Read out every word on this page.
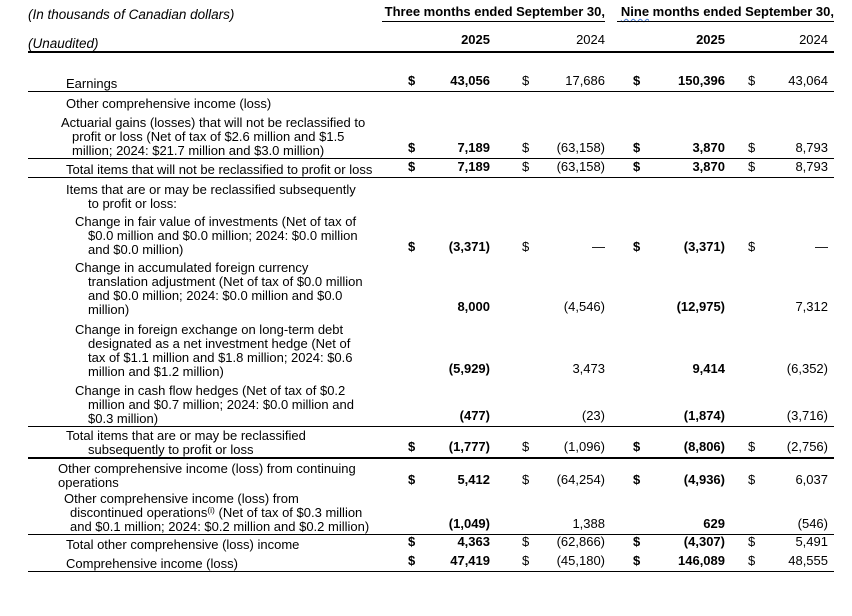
(In thousands of Canadian dollars)	Three months ended September 30,				Nine months ended September 30,			

(Unaudited)	2025		2024		2025		2024	

Earnings	$	43,056	$	17,686	$	150,396	$	43,064

Other comprehensive income (loss)								

Actuarial gains (losses) that will not be reclassified to
profit or loss (Net of tax of $2.6 million and $1.5
million; 2024: $21.7 million and $3.0 million)	$	7,189	$	(63,158)	$	3,870	$	8,793

Total items that will not be reclassified to profit or loss	$	7,189	$	(63,158)	$	3,870	$	8,793

Items that are or may be reclassified subsequently
to profit or loss:								

Change in fair value of investments (Net of tax of
$0.0 million and $0.0 million; 2024: $0.0 million
and $0.0 million)	$	(3,371)	$	—	$	(3,371)	$	—

Change in accumulated foreign currency
translation adjustment (Net of tax of $0.0 million
and $0.0 million; 2024: $0.0 million and $0.0
million)		8,000		(4,546)		(12,975)		7,312

Change in foreign exchange on long-term debt
designated as a net investment hedge (Net of
tax of $1.1 million and $1.8 million; 2024: $0.6
million and $1.2 million)		(5,929)		3,473		9,414		(6,352)

Change in cash flow hedges (Net of tax of $0.2
million and $0.7 million; 2024: $0.0 million and
$0.3 million)		(477)		(23)		(1,874)		(3,716)

Total items that are or may be reclassified
subsequently to profit or loss	$	(1,777)	$	(1,096)	$	(8,806)	$	(2,756)

Other comprehensive income (loss) from continuing
operations	$	5,412	$	(64,254)	$	(4,936)	$	6,037

Other comprehensive income (loss) from
discontinued operations$^{(i)}$ (Net of tax of $0.3 million
and $0.1 million; 2024: $0.2 million and $0.2 million)		(1,049)		1,388		629		(546)

Total other comprehensive (loss) income	$	4,363	$	(62,866)	$	(4,307)	$	5,491

Comprehensive income (loss)	$	47,419	$	(45,180)	$	146,089	$	48,555
